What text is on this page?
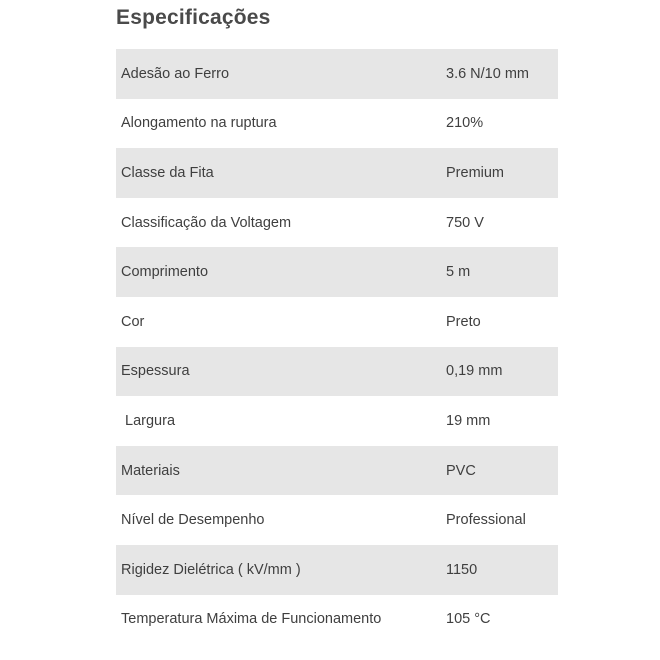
Especificações
Adesão ao Ferro	3.6 N/10 mm
Alongamento na ruptura	210%
Classe da Fita	Premium
Classificação da Voltagem	750 V
Comprimento	5 m
Cor	Preto
Espessura	0,19 mm
Largura	19 mm
Materiais	PVC
Nível de Desempenho	Professional
Rigidez Dielétrica ( kV/mm )	1150
Temperatura Máxima de Funcionamento	105 °C
